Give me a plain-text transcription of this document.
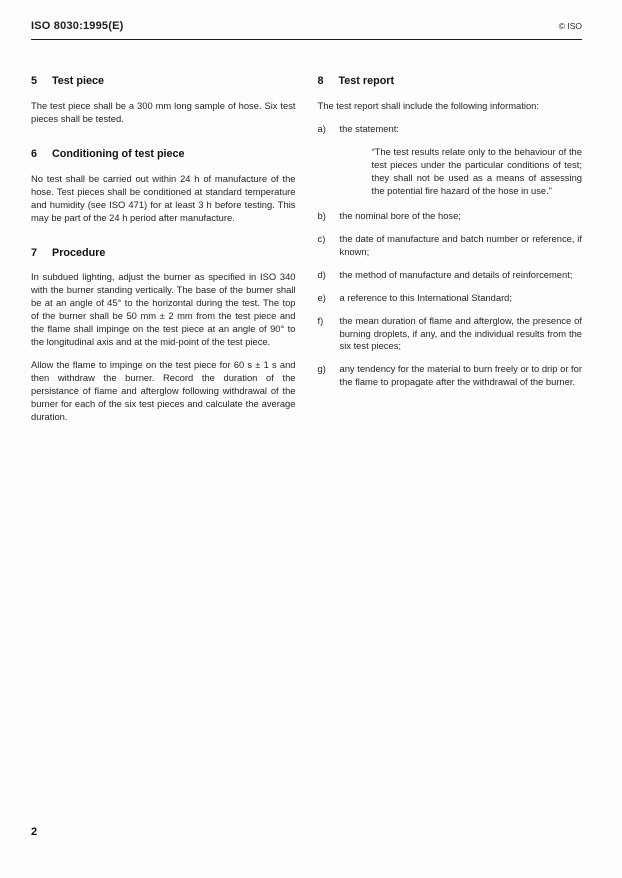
ISO 8030:1995(E)	© ISO
5	Test piece

The test piece shall be a 300 mm long sample of hose. Six test pieces shall be tested.

6	Conditioning of test piece

No test shall be carried out within 24 h of manufacture of the hose. Test pieces shall be conditioned at standard temperature and humidity (see ISO 471) for at least 3 h before testing. This may be part of the 24 h period after manufacture.

7	Procedure

In subdued lighting, adjust the burner as specified in ISO 340 with the burner standing vertically. The base of the burner shall be at an angle of 45° to the horizontal during the test. The top of the burner shall be 50 mm ± 2 mm from the test piece and the flame shall impinge on the test piece at an angle of 90° to the longitudinal axis and at the mid-point of the test piece.

Allow the flame to impinge on the test piece for 60 s ± 1 s and then withdraw the burner. Record the duration of the persistance of flame and afterglow following withdrawal of the burner for each of the six test pieces and calculate the average duration.

8	Test report

The test report shall include the following information:

a)	the statement:

“The test results relate only to the behaviour of the test pieces under the particular conditions of test; they shall not be used as a means of assessing the potential fire hazard of the hose in use.”

b)	the nominal bore of the hose;
c)	the date of manufacture and batch number or reference, if known;
d)	the method of manufacture and details of reinforcement;
e)	a reference to this International Standard;
f)	the mean duration of flame and afterglow, the presence of burning droplets, if any, and the individual results from the six test pieces;
g)	any tendency for the material to burn freely or to drip or for the flame to propagate after the withdrawal of the burner.
2
